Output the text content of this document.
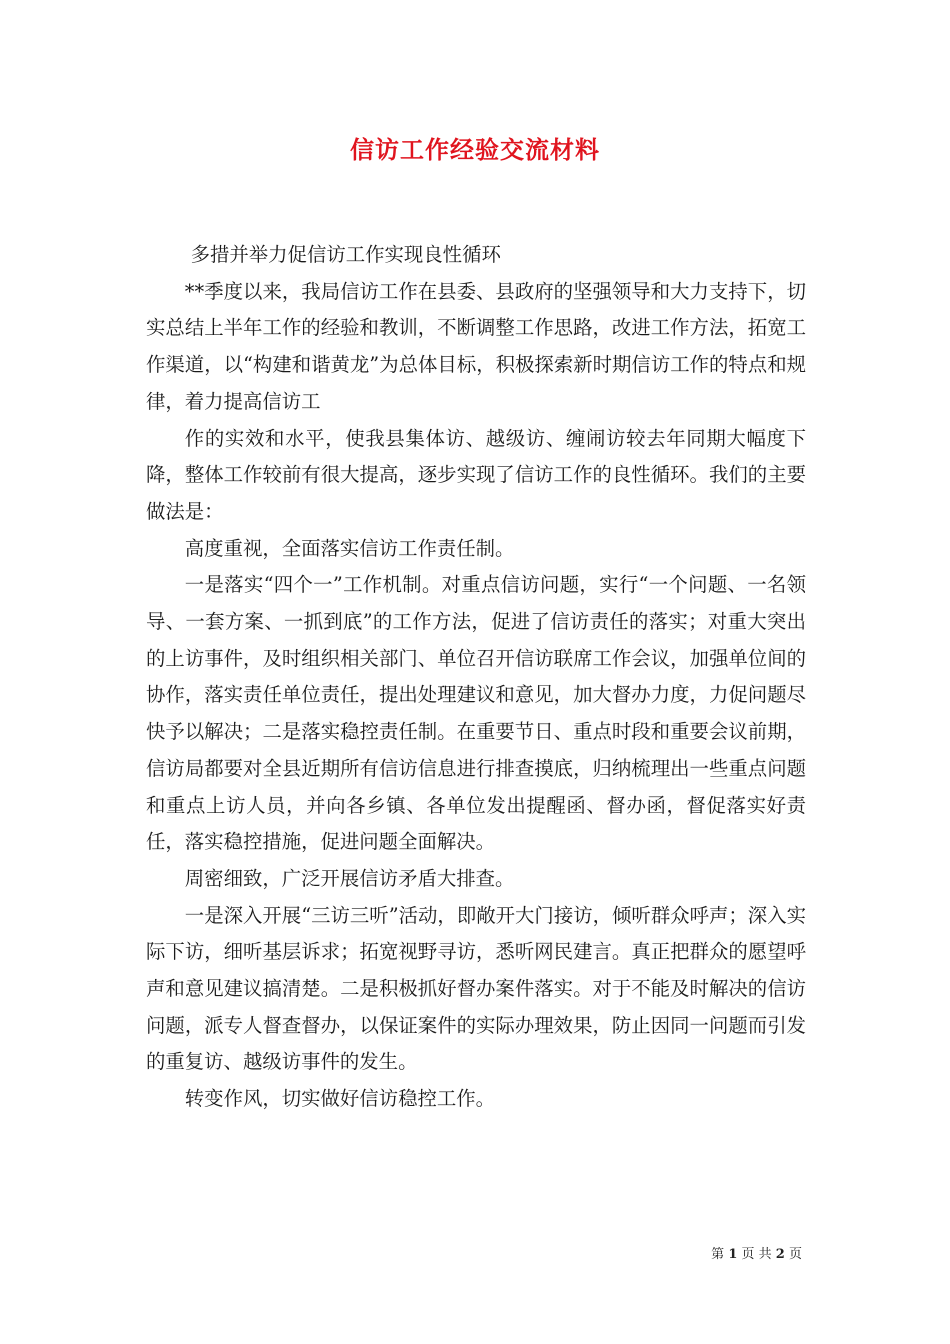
信访工作经验交流材料

多措并举力促信访工作实现良性循环

**季度以来，我局信访工作在县委、县政府的坚强领导和大力支持下，切实总结上半年工作的经验和教训，不断调整工作思路，改进工作方法，拓宽工作渠道，以“构建和谐黄龙”为总体目标，积极探索新时期信访工作的特点和规律，着力提高信访工

作的实效和水平，使我县集体访、越级访、缠闹访较去年同期大幅度下降，整体工作较前有很大提高，逐步实现了信访工作的良性循环。我们的主要做法是：

高度重视，全面落实信访工作责任制。

一是落实“四个一”工作机制。对重点信访问题，实行“一个问题、一名领导、一套方案、一抓到底”的工作方法，促进了信访责任的落实；对重大突出的上访事件，及时组织相关部门、单位召开信访联席工作会议，加强单位间的协作，落实责任单位责任，提出处理建议和意见，加大督办力度，力促问题尽快予以解决；二是落实稳控责任制。在重要节日、重点时段和重要会议前期，信访局都要对全县近期所有信访信息进行排查摸底，归纳梳理出一些重点问题和重点上访人员，并向各乡镇、各单位发出提醒函、督办函，督促落实好责任，落实稳控措施，促进问题全面解决。

周密细致，广泛开展信访矛盾大排查。

一是深入开展“三访三听”活动，即敞开大门接访，倾听群众呼声；深入实际下访，细听基层诉求；拓宽视野寻访，悉听网民建言。真正把群众的愿望呼声和意见建议搞清楚。二是积极抓好督办案件落实。对于不能及时解决的信访问题，派专人督查督办，以保证案件的实际办理效果，防止因同一问题而引发的重复访、越级访事件的发生。

转变作风，切实做好信访稳控工作。

第 1 页 共 2 页
